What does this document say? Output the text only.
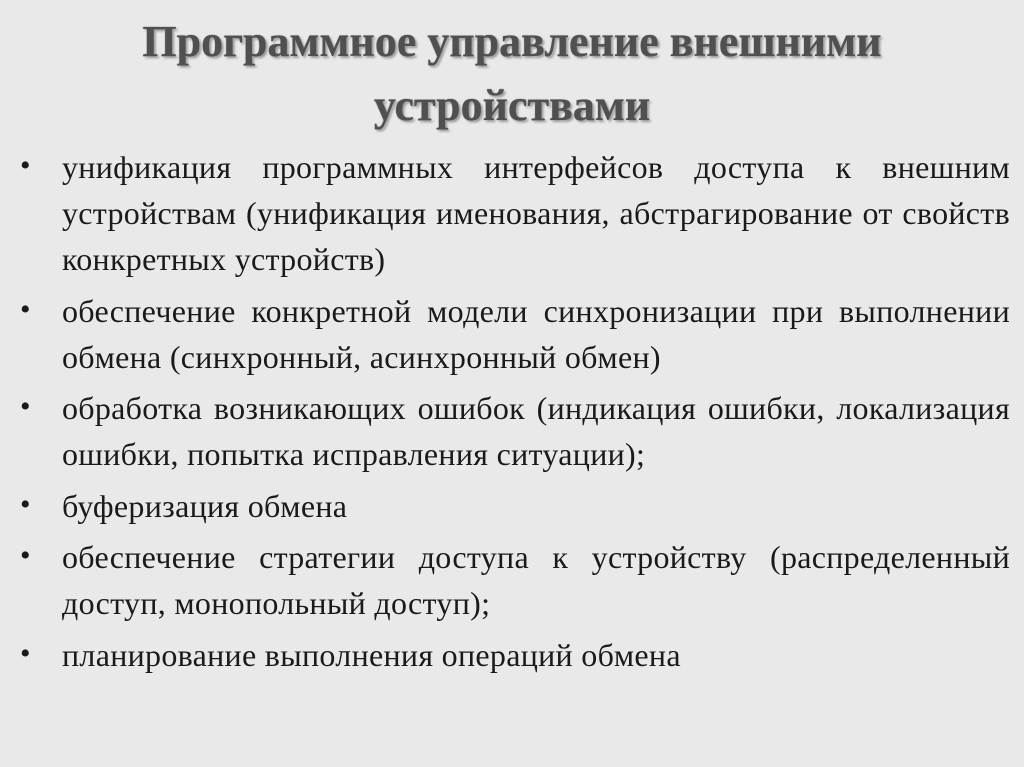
Программное управление внешними устройствами
• унификация программных интерфейсов доступа к внешним устройствам (унификация именования, абстрагирование от свойств конкретных устройств)
• обеспечение конкретной модели синхронизации при выполнении обмена (синхронный, асинхронный обмен)
• обработка возникающих ошибок (индикация ошибки, локализация ошибки, попытка исправления ситуации);
• буферизация обмена
• обеспечение стратегии доступа к устройству (распределенный доступ, монопольный доступ);
• планирование выполнения операций обмена
